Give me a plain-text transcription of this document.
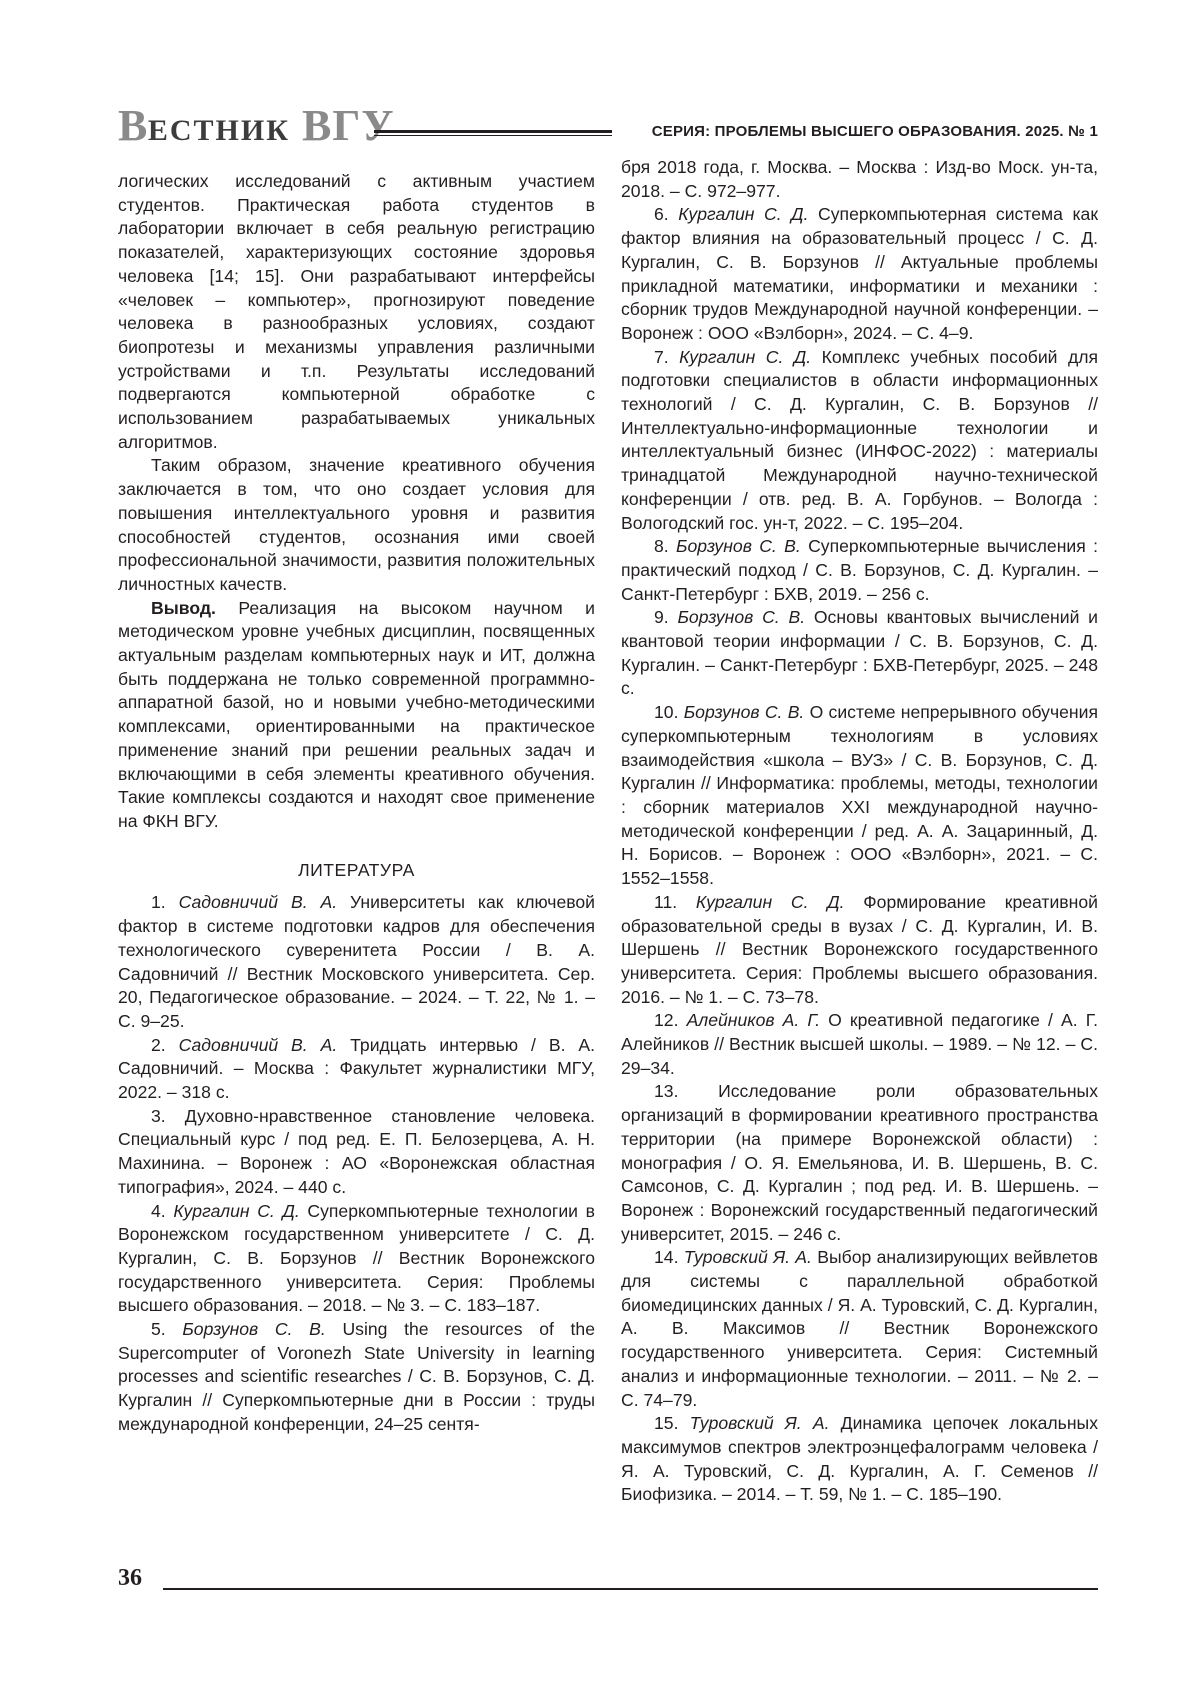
ВЕСТНИК ВГУ	СЕРИЯ: ПРОБЛЕМЫ ВЫСШЕГО ОБРАЗОВАНИЯ. 2025. № 1

логических исследований с активным участием студентов. Практическая работа студентов в лаборатории включает в себя реальную регистрацию показателей, характеризующих состояние здоровья человека [14; 15]. Они разрабатывают интерфейсы «человек – компьютер», прогнозируют поведение человека в разнообразных условиях, создают биопротезы и механизмы управления различными устройствами и т.п. Результаты исследований подвергаются компьютерной обработке с использованием разрабатываемых уникальных алгоритмов.

Таким образом, значение креативного обучения заключается в том, что оно создает условия для повышения интеллектуального уровня и развития способностей студентов, осознания ими своей профессиональной значимости, развития положительных личностных качеств.

Вывод. Реализация на высоком научном и методическом уровне учебных дисциплин, посвященных актуальным разделам компьютерных наук и ИТ, должна быть поддержана не только современной программно-аппаратной базой, но и новыми учебно-методическими комплексами, ориентированными на практическое применение знаний при решении реальных задач и включающими в себя элементы креативного обучения. Такие комплексы создаются и находят свое применение на ФКН ВГУ.

ЛИТЕРАТУРА

1. Садовничий В. А. Университеты как ключевой фактор в системе подготовки кадров для обеспечения технологического суверенитета России / В. А. Садовничий // Вестник Московского университета. Сер. 20, Педагогическое образование. – 2024. – Т. 22, № 1. – С. 9–25.

2. Садовничий В. А. Тридцать интервью / В. А. Садовничий. – Москва : Факультет журналистики МГУ, 2022. – 318 с.

3. Духовно-нравственное становление человека. Специальный курс / под ред. Е. П. Белозерцева, А. Н. Махинина. – Воронеж : АО «Воронежская областная типография», 2024. – 440 с.

4. Кургалин С. Д. Суперкомпьютерные технологии в Воронежском государственном университете / С. Д. Кургалин, С. В. Борзунов // Вестник Воронежского государственного университета. Серия: Проблемы высшего образования. – 2018. – № 3. – С. 183–187.

5. Борзунов С. В. Using the resources of the Supercomputer of Voronezh State University in learning processes and scientific researches / С. В. Борзунов, С. Д. Кургалин // Суперкомпьютерные дни в России : труды международной конференции, 24–25 сентя-

бря 2018 года, г. Москва. – Москва : Изд-во Моск. ун-та, 2018. – С. 972–977.

6. Кургалин С. Д. Суперкомпьютерная система как фактор влияния на образовательный процесс / С. Д. Кургалин, С. В. Борзунов // Актуальные проблемы прикладной математики, информатики и механики : сборник трудов Международной научной конференции. – Воронеж : ООО «Вэлборн», 2024. – С. 4–9.

7. Кургалин С. Д. Комплекс учебных пособий для подготовки специалистов в области информационных технологий / С. Д. Кургалин, С. В. Борзунов // Интеллектуально-информационные технологии и интеллектуальный бизнес (ИНФОС-2022) : материалы тринадцатой Международной научно-технической конференции / отв. ред. В. А. Горбунов. – Вологда : Вологодский гос. ун-т, 2022. – С. 195–204.

8. Борзунов С. В. Суперкомпьютерные вычисления : практический подход / С. В. Борзунов, С. Д. Кургалин. – Санкт-Петербург : БХВ, 2019. – 256 с.

9. Борзунов С. В. Основы квантовых вычислений и квантовой теории информации / С. В. Борзунов, С. Д. Кургалин. – Санкт-Петербург : БХВ-Петербург, 2025. – 248 с.

10. Борзунов С. В. О системе непрерывного обучения суперкомпьютерным технологиям в условиях взаимодействия «школа – ВУЗ» / С. В. Борзунов, С. Д. Кургалин // Информатика: проблемы, методы, технологии : сборник материалов XXI международной научно-методической конференции / ред. А. А. Зацаринный, Д. Н. Борисов. – Воронеж : ООО «Вэлборн», 2021. – С. 1552–1558.

11. Кургалин С. Д. Формирование креативной образовательной среды в вузах / С. Д. Кургалин, И. В. Шершень // Вестник Воронежского государственного университета. Серия: Проблемы высшего образования. 2016. – № 1. – С. 73–78.

12. Алейников А. Г. О креативной педагогике / А. Г. Алейников // Вестник высшей школы. – 1989. – № 12. – С. 29–34.

13. Исследование роли образовательных организаций в формировании креативного пространства территории (на примере Воронежской области) : монография / О. Я. Емельянова, И. В. Шершень, В. С. Самсонов, С. Д. Кургалин ; под ред. И. В. Шершень. – Воронеж : Воронежский государственный педагогический университет, 2015. – 246 с.

14. Туровский Я. А. Выбор анализирующих вейвлетов для системы с параллельной обработкой биомедицинских данных / Я. А. Туровский, С. Д. Кургалин, А. В. Максимов // Вестник Воронежского государственного университета. Серия: Системный анализ и информационные технологии. – 2011. – № 2. – С. 74–79.

15. Туровский Я. А. Динамика цепочек локальных максимумов спектров электроэнцефалограмм человека / Я. А. Туровский, С. Д. Кургалин, А. Г. Семенов // Биофизика. – 2014. – Т. 59, № 1. – С. 185–190.

36
